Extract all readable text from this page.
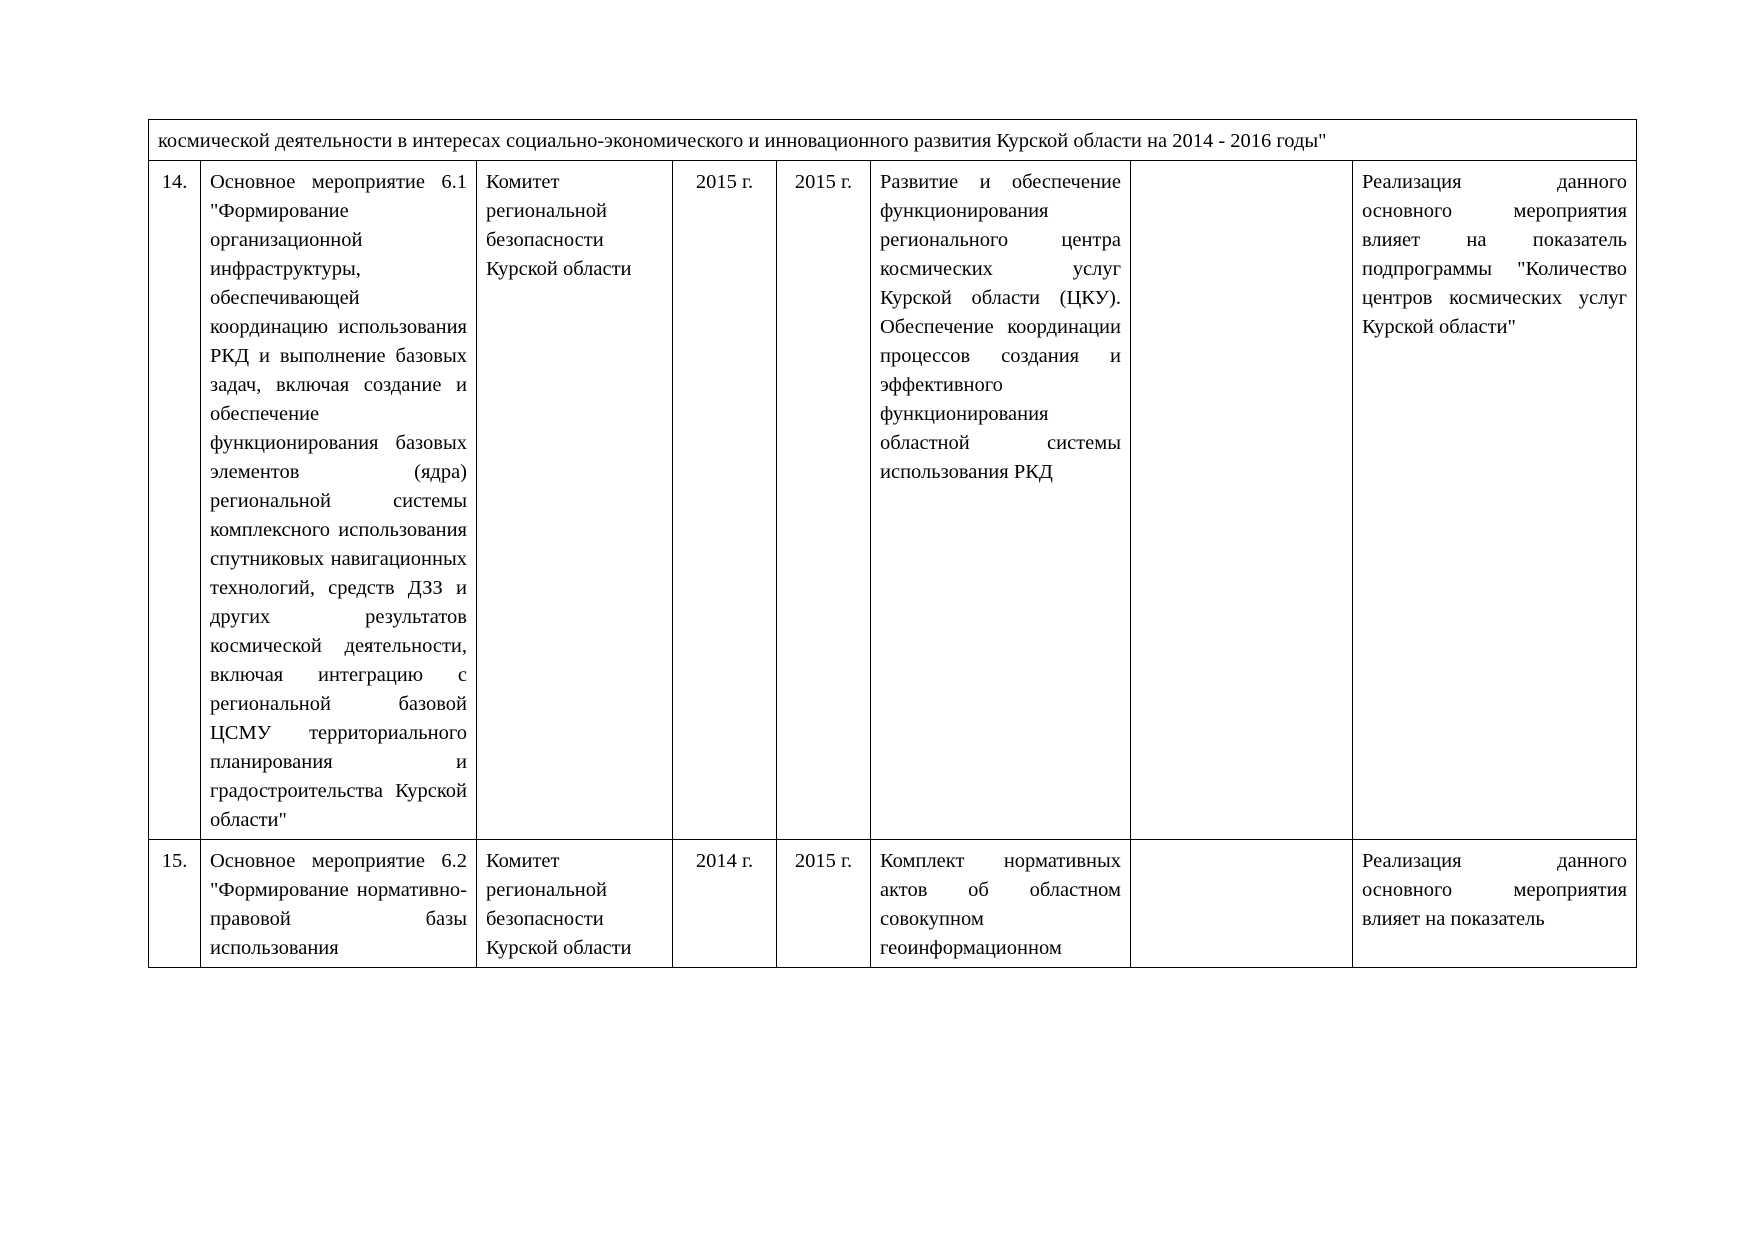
космической деятельности в интересах социально-экономического и инновационного развития Курской области на 2014 - 2016 годы"							
14.	Основное мероприятие 6.1 "Формирование организационной инфраструктуры, обеспечивающей координацию использования РКД и выполнение базовых задач, включая создание и обеспечение функционирования базовых элементов (ядра) региональной системы комплексного использования спутниковых навигационных технологий, средств ДЗЗ и других результатов космической деятельности, включая интеграцию с региональной базовой ЦСМУ территориального планирования и градостроительства Курской области"	Комитет региональной безопасности Курской области	2015 г.	2015 г.	Развитие и обеспечение функционирования регионального центра космических услуг Курской области (ЦКУ). Обеспечение координации процессов создания и эффективного функционирования областной системы использования РКД		Реализация данного основного мероприятия влияет на показатель подпрограммы "Количество центров космических услуг Курской области"
15.	Основное мероприятие 6.2 "Формирование нормативно-правовой базы использования	Комитет региональной безопасности Курской области	2014 г.	2015 г.	Комплект нормативных актов об областном совокупном геоинформационном		Реализация данного основного мероприятия влияет на показатель
